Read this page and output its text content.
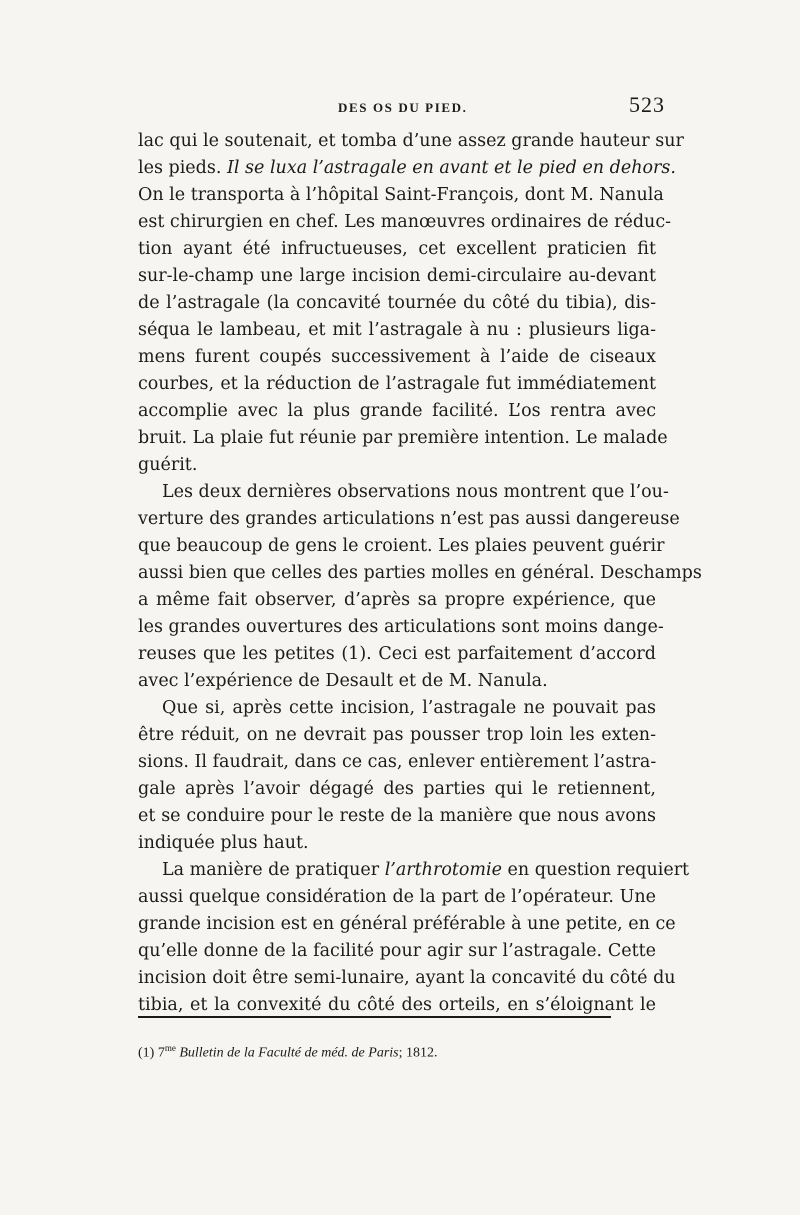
DES OS DU PIED.	523
lac qui le soutenait, et tomba d’une assez grande hauteur sur
les pieds. Il se luxa l’astragale en avant et le pied en dehors.
On le transporta à l’hôpital Saint-François, dont M. Nanula
est chirurgien en chef. Les manœuvres ordinaires de réduc-
tion ayant été infructueuses, cet excellent praticien fit
sur-le-champ une large incision demi-circulaire au-devant
de l’astragale (la concavité tournée du côté du tibia), dis-
séqua le lambeau, et mit l’astragale à nu : plusieurs liga-
mens furent coupés successivement à l’aide de ciseaux
courbes, et la réduction de l’astragale fut immédiatement
accomplie avec la plus grande facilité. L’os rentra avec
bruit. La plaie fut réunie par première intention. Le malade
guérit.
Les deux dernières observations nous montrent que l’ou-
verture des grandes articulations n’est pas aussi dangereuse
que beaucoup de gens le croient. Les plaies peuvent guérir
aussi bien que celles des parties molles en général. Deschamps
a même fait observer, d’après sa propre expérience, que
les grandes ouvertures des articulations sont moins dange-
reuses que les petites (1). Ceci est parfaitement d’accord
avec l’expérience de Desault et de M. Nanula.
Que si, après cette incision, l’astragale ne pouvait pas
être réduit, on ne devrait pas pousser trop loin les exten-
sions. Il faudrait, dans ce cas, enlever entièrement l’astra-
gale après l’avoir dégagé des parties qui le retiennent,
et se conduire pour le reste de la manière que nous avons
indiquée plus haut.
La manière de pratiquer l’arthrotomie en question requiert
aussi quelque considération de la part de l’opérateur. Une
grande incision est en général préférable à une petite, en ce
qu’elle donne de la facilité pour agir sur l’astragale. Cette
incision doit être semi-lunaire, ayant la concavité du côté du
tibia, et la convexité du côté des orteils, en s’éloignant le
(1) $7^{me}$ Bulletin de la Faculté de méd. de Paris; 1812.
